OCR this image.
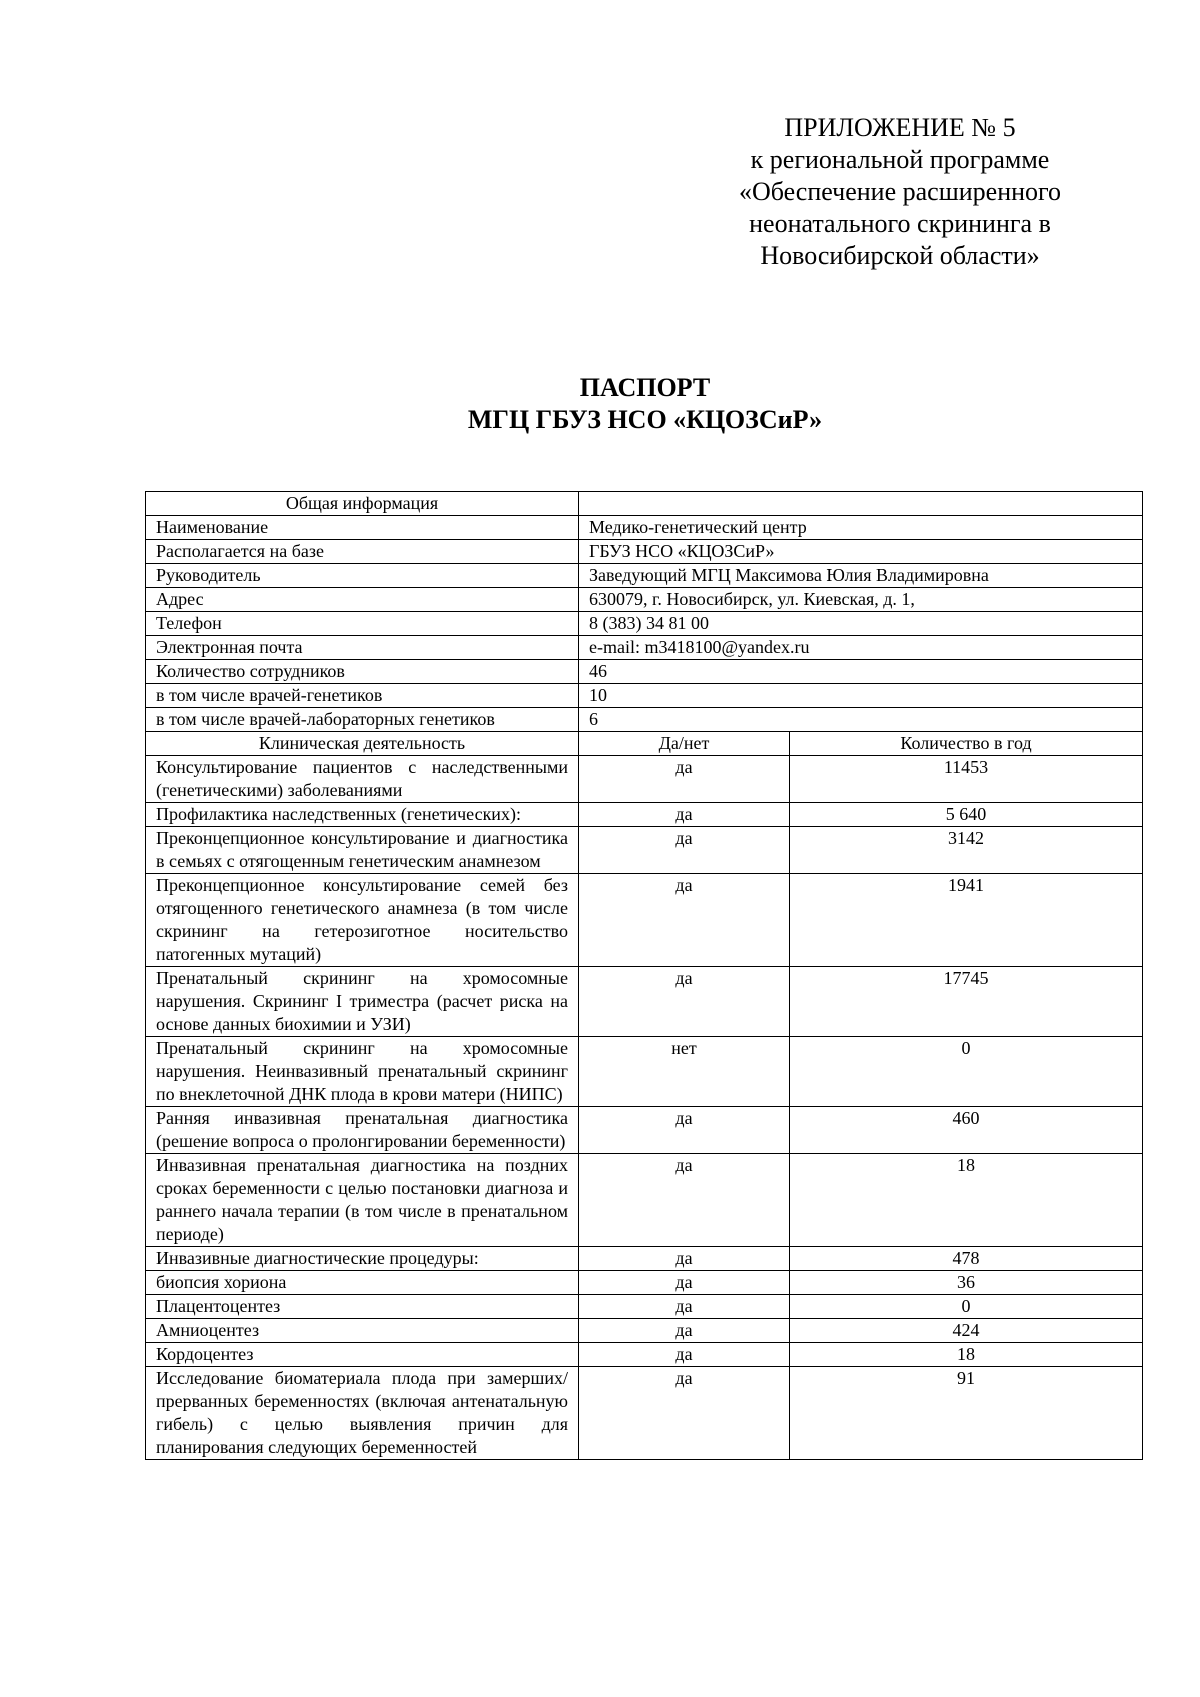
ПРИЛОЖЕНИЕ № 5
к региональной программе
«Обеспечение расширенного
неонатального скрининга в
Новосибирской области»
ПАСПОРТ
МГЦ ГБУЗ НСО «КЦОЗСиР»
Общая информация		
Наименование	Медико-генетический центр	
Располагается на базе	ГБУЗ НСО «КЦОЗСиР»	
Руководитель	Заведующий МГЦ Максимова Юлия Владимировна	
Адрес	630079, г. Новосибирск, ул. Киевская, д. 1,	
Телефон	8 (383) 34 81 00	
Электронная почта	e-mail: m3418100@yandex.ru	
Количество сотрудников	46	
в том числе врачей-генетиков	10	
в том числе врачей-лабораторных генетиков	6	
Клиническая деятельность	Да/нет	Количество в год
Консультирование пациентов с наследственными (генетическими) заболеваниями	да	11453
Профилактика наследственных (генетических):	да	5 640
Преконцепционное консультирование и диагностика в семьях с отягощенным генетическим анамнезом	да	3142
Преконцепционное консультирование семей без отягощенного генетического анамнеза (в том числе скрининг на гетерозиготное носительство патогенных мутаций)	да	1941
Пренатальный скрининг на хромосомные нарушения. Скрининг I триместра (расчет риска на основе данных биохимии и УЗИ)	да	17745
Пренатальный скрининг на хромосомные нарушения. Неинвазивный пренатальный скрининг по внеклеточной ДНК плода в крови матери (НИПС)	нет	0
Ранняя инвазивная пренатальная диагностика (решение вопроса о пролонгировании беременности)	да	460
Инвазивная пренатальная диагностика на поздних сроках беременности с целью постановки диагноза и раннего начала терапии (в том числе в пренатальном периоде)	да	18
Инвазивные диагностические процедуры:	да	478
биопсия хориона	да	36
Плацентоцентез	да	0
Амниоцентез	да	424
Кордоцентез	да	18
Исследование биоматериала плода при замерших/прерванных беременностях (включая антенатальную гибель) с целью выявления причин для планирования следующих беременностей	да	91
